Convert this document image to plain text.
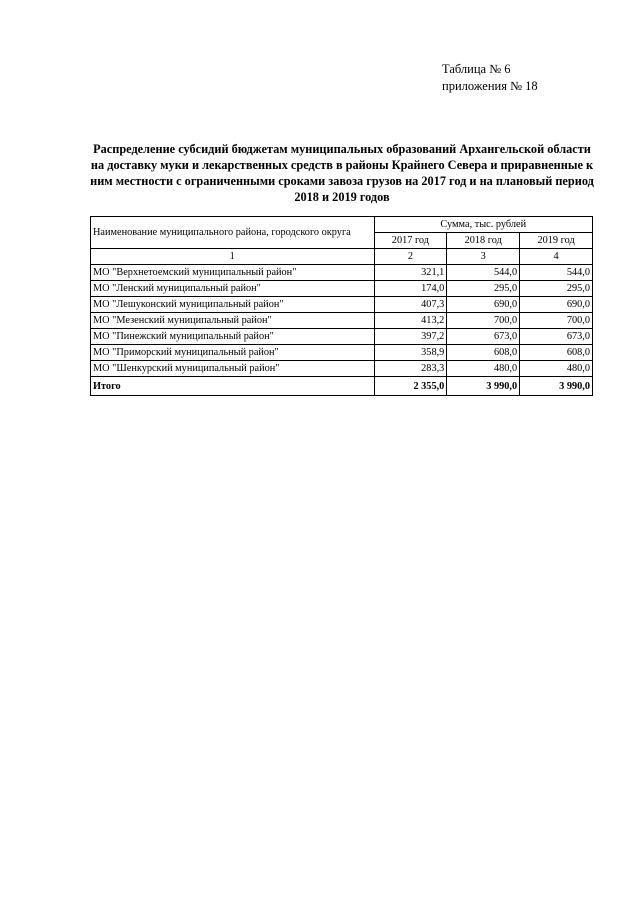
Таблица № 6
приложения № 18
Распределение субсидий бюджетам муниципальных образований Архангельской области на доставку муки и лекарственных средств в районы Крайнего Севера и приравненные к ним местности с ограниченными сроками завоза грузов на 2017 год и на плановый период 2018 и 2019 годов
Наименование муниципального района, городского округа	Сумма, тыс. рублей		
	2017 год	2018 год	2019 год
1	2	3	4
МО "Верхнетоемский муниципальный район"	321,1	544,0	544,0
МО "Ленский муниципальный район"	174,0	295,0	295,0
МО "Лешуконский муниципальный район"	407,3	690,0	690,0
МО "Мезенский муниципальный район"	413,2	700,0	700,0
МО "Пинежский муниципальный район"	397,2	673,0	673,0
МО "Приморский муниципальный район"	358,9	608,0	608,0
МО "Шенкурский муниципальный район"	283,3	480,0	480,0
Итого	2 355,0	3 990,0	3 990,0
